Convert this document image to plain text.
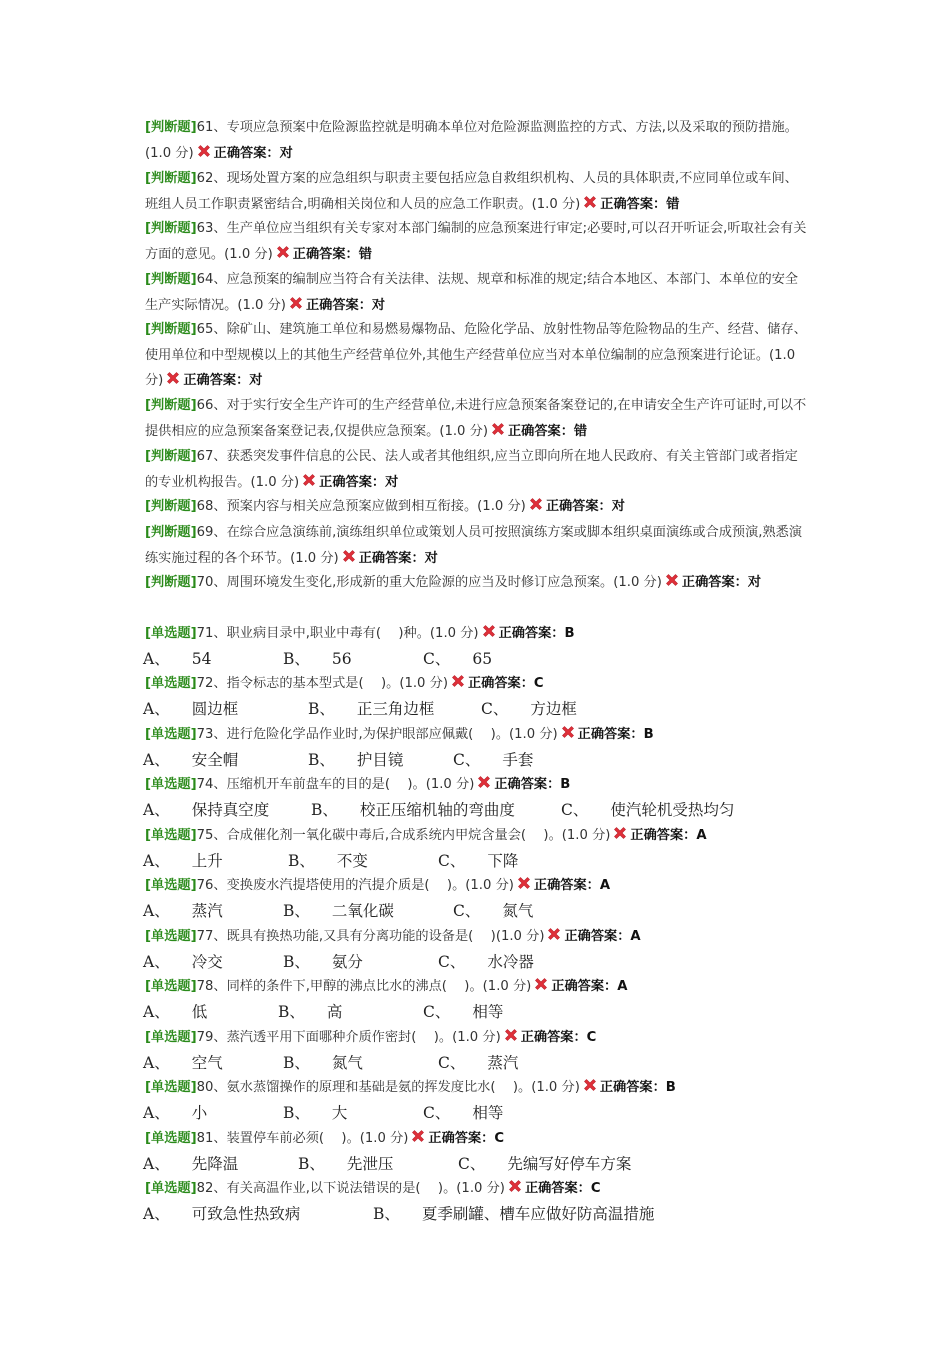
[判断题]61、专项应急预案中危险源监控就是明确本单位对危险源监测监控的方式、方法,以及采取的预防措施。(1.0 分) 正确答案：对
[判断题]62、现场处置方案的应急组织与职责主要包括应急自救组织机构、人员的具体职责,不应同单位或车间、班组人员工作职责紧密结合,明确相关岗位和人员的应急工作职责。(1.0 分) 正确答案：错
[判断题]63、生产单位应当组织有关专家对本部门编制的应急预案进行审定;必要时,可以召开听证会,听取社会有关方面的意见。(1.0 分) 正确答案：错
[判断题]64、应急预案的编制应当符合有关法律、法规、规章和标准的规定;结合本地区、本部门、本单位的安全生产实际情况。(1.0 分) 正确答案：对
[判断题]65、除矿山、建筑施工单位和易燃易爆物品、危险化学品、放射性物品等危险物品的生产、经营、储存、使用单位和中型规模以上的其他生产经营单位外,其他生产经营单位应当对本单位编制的应急预案进行论证。(1.0 分) 正确答案：对
[判断题]66、对于实行安全生产许可的生产经营单位,未进行应急预案备案登记的,在申请安全生产许可证时,可以不提供相应的应急预案备案登记表,仅提供应急预案。(1.0 分) 正确答案：错
[判断题]67、获悉突发事件信息的公民、法人或者其他组织,应当立即向所在地人民政府、有关主管部门或者指定的专业机构报告。(1.0 分) 正确答案：对
[判断题]68、预案内容与相关应急预案应做到相互衔接。(1.0 分) 正确答案：对
[判断题]69、在综合应急演练前,演练组织单位或策划人员可按照演练方案或脚本组织桌面演练或合成预演,熟悉演练实施过程的各个环节。(1.0 分) 正确答案：对
[判断题]70、周围环境发生变化,形成新的重大危险源的应当及时修订应急预案。(1.0 分) 正确答案：对
[单选题]71、职业病目录中,职业中毒有(　 )种。(1.0 分) 正确答案：B
A、 54	B、 56	C、 65
[单选题]72、指令标志的基本型式是(　 )。(1.0 分) 正确答案：C
A、 圆边框	B、 正三角边框	C、 方边框
[单选题]73、进行危险化学品作业时,为保护眼部应佩戴(　 )。(1.0 分) 正确答案：B
A、 安全帽	B、 护目镜	C、 手套
[单选题]74、压缩机开车前盘车的目的是(　 )。(1.0 分) 正确答案：B
A、 保持真空度	B、 校正压缩机轴的弯曲度	C、 使汽轮机受热均匀
[单选题]75、合成催化剂一氧化碳中毒后,合成系统内甲烷含量会(　 )。(1.0 分) 正确答案：A
A、 上升	B、 不变	C、 下降
[单选题]76、变换废水汽提塔使用的汽提介质是(　 )。(1.0 分) 正确答案：A
A、 蒸汽	B、 二氧化碳	C、 氮气
[单选题]77、既具有换热功能,又具有分离功能的设备是(　 )(1.0 分) 正确答案：A
A、 冷交	B、 氨分	C、 水冷器
[单选题]78、同样的条件下,甲醇的沸点比水的沸点(　 )。(1.0 分) 正确答案：A
A、 低	B、 高	C、 相等
[单选题]79、蒸汽透平用下面哪种介质作密封(　 )。(1.0 分) 正确答案：C
A、 空气	B、 氮气	C、 蒸汽
[单选题]80、氨水蒸馏操作的原理和基础是氨的挥发度比水(　 )。(1.0 分) 正确答案：B
A、 小	B、 大	C、 相等
[单选题]81、装置停车前必须(　 )。(1.0 分) 正确答案：C
A、 先降温	B、 先泄压	C、 先编写好停车方案
[单选题]82、有关高温作业,以下说法错误的是(　 )。(1.0 分) 正确答案：C
A、 可致急性热致病	B、 夏季刷罐、槽车应做好防高温措施
